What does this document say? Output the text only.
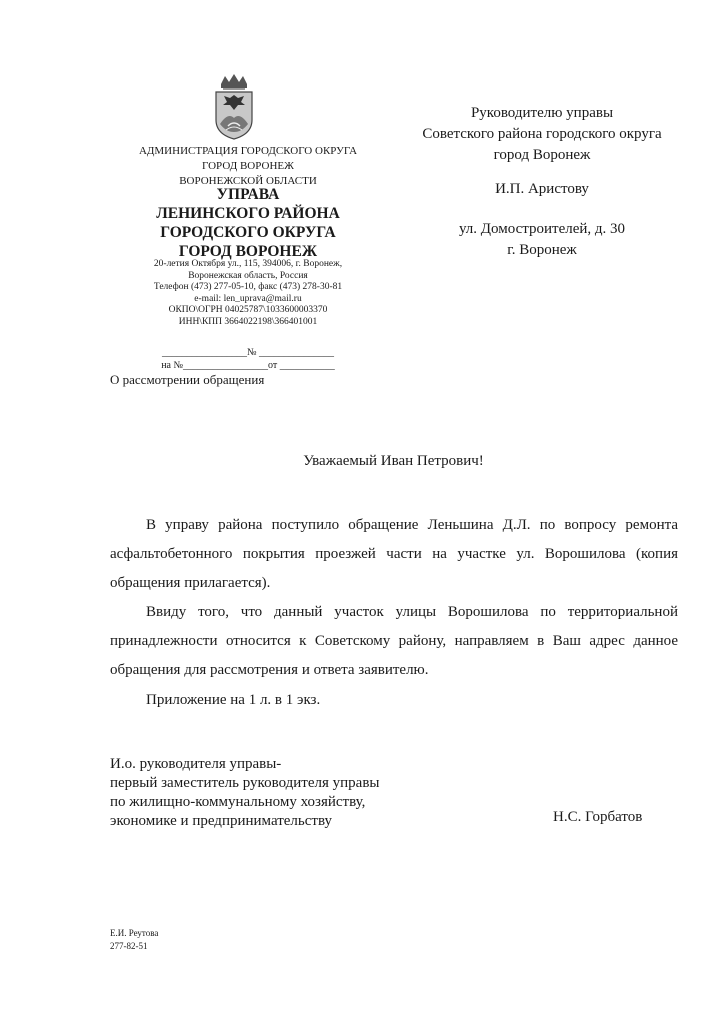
АДМИНИСТРАЦИЯ ГОРОДСКОГО ОКРУГА
ГОРОД ВОРОНЕЖ
ВОРОНЕЖСКОЙ ОБЛАСТИ
УПРАВА
ЛЕНИНСКОГО РАЙОНА
ГОРОДСКОГО ОКРУГА
ГОРОД ВОРОНЕЖ
20-летия Октября ул., 115, 394006, г. Воронеж,
Воронежская область, Россия
Телефон (473) 277-05-10, факс (473) 278-30-81
e-mail: len_uprava@mail.ru
ОКПО\ОГРН 04025787\1033600003370
ИНН\КПП 3664022198\366401001
_________________№ _______________
на №_________________от ___________
О рассмотрении обращения
Руководителю управы
Советского района городского округа
город Воронеж
И.П. Аристову
ул. Домостроителей, д. 30
г. Воронеж
Уважаемый Иван Петрович!
В управу района поступило обращение Леньшина Д.Л. по вопросу ремонта асфальтобетонного покрытия проезжей части на участке ул. Ворошилова (копия обращения прилагается).
Ввиду того, что данный участок улицы Ворошилова по территориальной принадлежности относится к Советскому району, направляем в Ваш адрес данное обращения для рассмотрения и ответа заявителю.
Приложение на 1 л. в 1 экз.
И.о. руководителя управы-
первый заместитель руководителя управы
по жилищно-коммунальному хозяйству,
экономике и предпринимательству	Н.С. Горбатов
Е.И. Реутова
277-82-51
